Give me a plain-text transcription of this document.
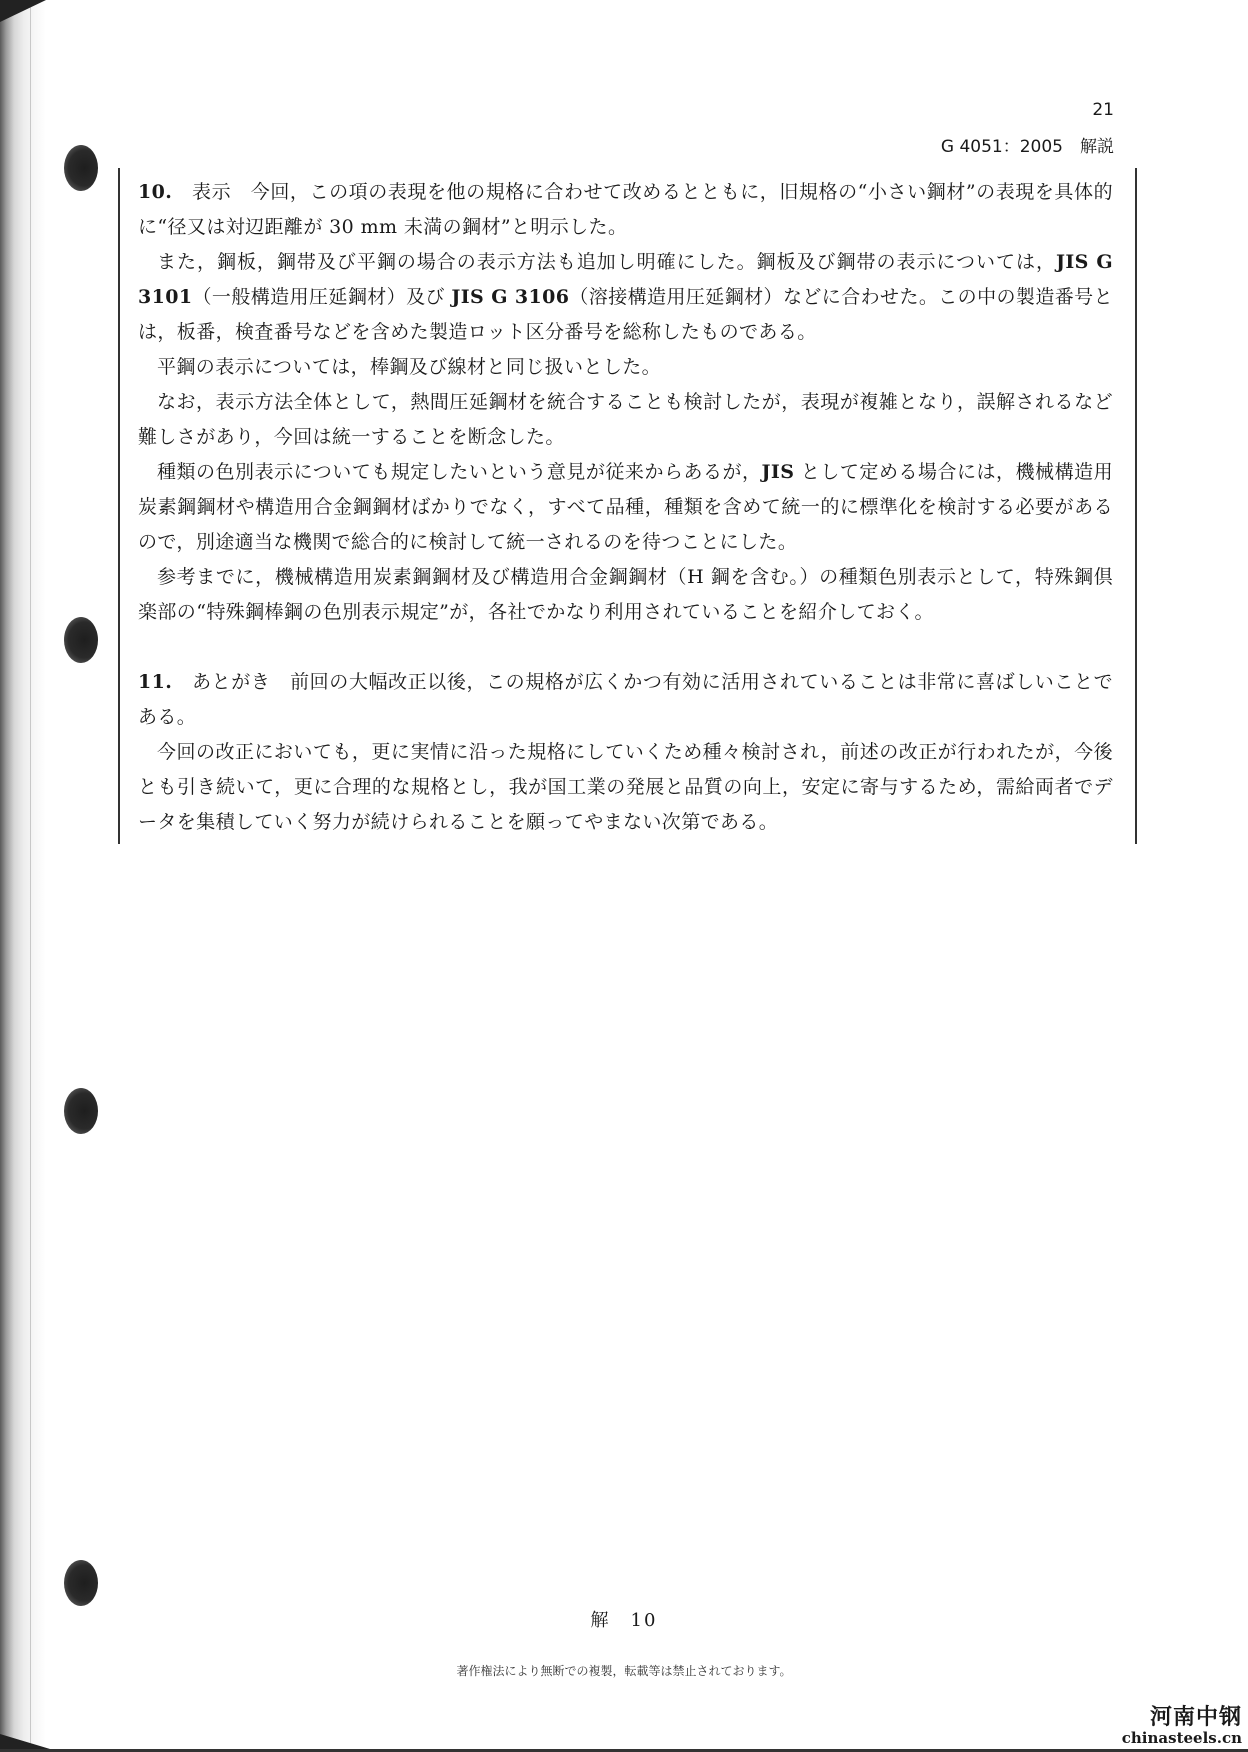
21
G 4051：2005　解説

10.　 表示　 今回，この項の表現を他の規格に合わせて改めるとともに，旧規格の“小さい鋼材”の表現を具体的に“径又は対辺距離が 30 mm 未満の鋼材”と明示した。

また，鋼板，鋼帯及び平鋼の場合の表示方法も追加し明確にした。鋼板及び鋼帯の表示については，JIS G 3101（一般構造用圧延鋼材）及び JIS G 3106（溶接構造用圧延鋼材）などに合わせた。この中の製造番号とは，板番，検査番号などを含めた製造ロット区分番号を総称したものである。

平鋼の表示については，棒鋼及び線材と同じ扱いとした。

なお，表示方法全体として，熱間圧延鋼材を統合することも検討したが，表現が複雑となり，誤解されるなど難しさがあり，今回は統一することを断念した。

種類の色別表示についても規定したいという意見が従来からあるが，JIS として定める場合には，機械構造用炭素鋼鋼材や構造用合金鋼鋼材ばかりでなく，すべて品種，種類を含めて統一的に標準化を検討する必要があるので，別途適当な機関で総合的に検討して統一されるのを待つことにした。

参考までに，機械構造用炭素鋼鋼材及び構造用合金鋼鋼材（H 鋼を含む。）の種類色別表示として，特殊鋼倶楽部の“特殊鋼棒鋼の色別表示規定”が，各社でかなり利用されていることを紹介しておく。

11.　 あとがき　 前回の大幅改正以後，この規格が広くかつ有効に活用されていることは非常に喜ばしいことである。

今回の改正においても，更に実情に沿った規格にしていくため種々検討され，前述の改正が行われたが，今後とも引き続いて，更に合理的な規格とし，我が国工業の発展と品質の向上，安定に寄与するため，需給両者でデータを集積していく努力が続けられることを願ってやまない次第である。

解　10
著作権法により無断での複製，転載等は禁止されております。
河南中钢
chinasteels.cn
